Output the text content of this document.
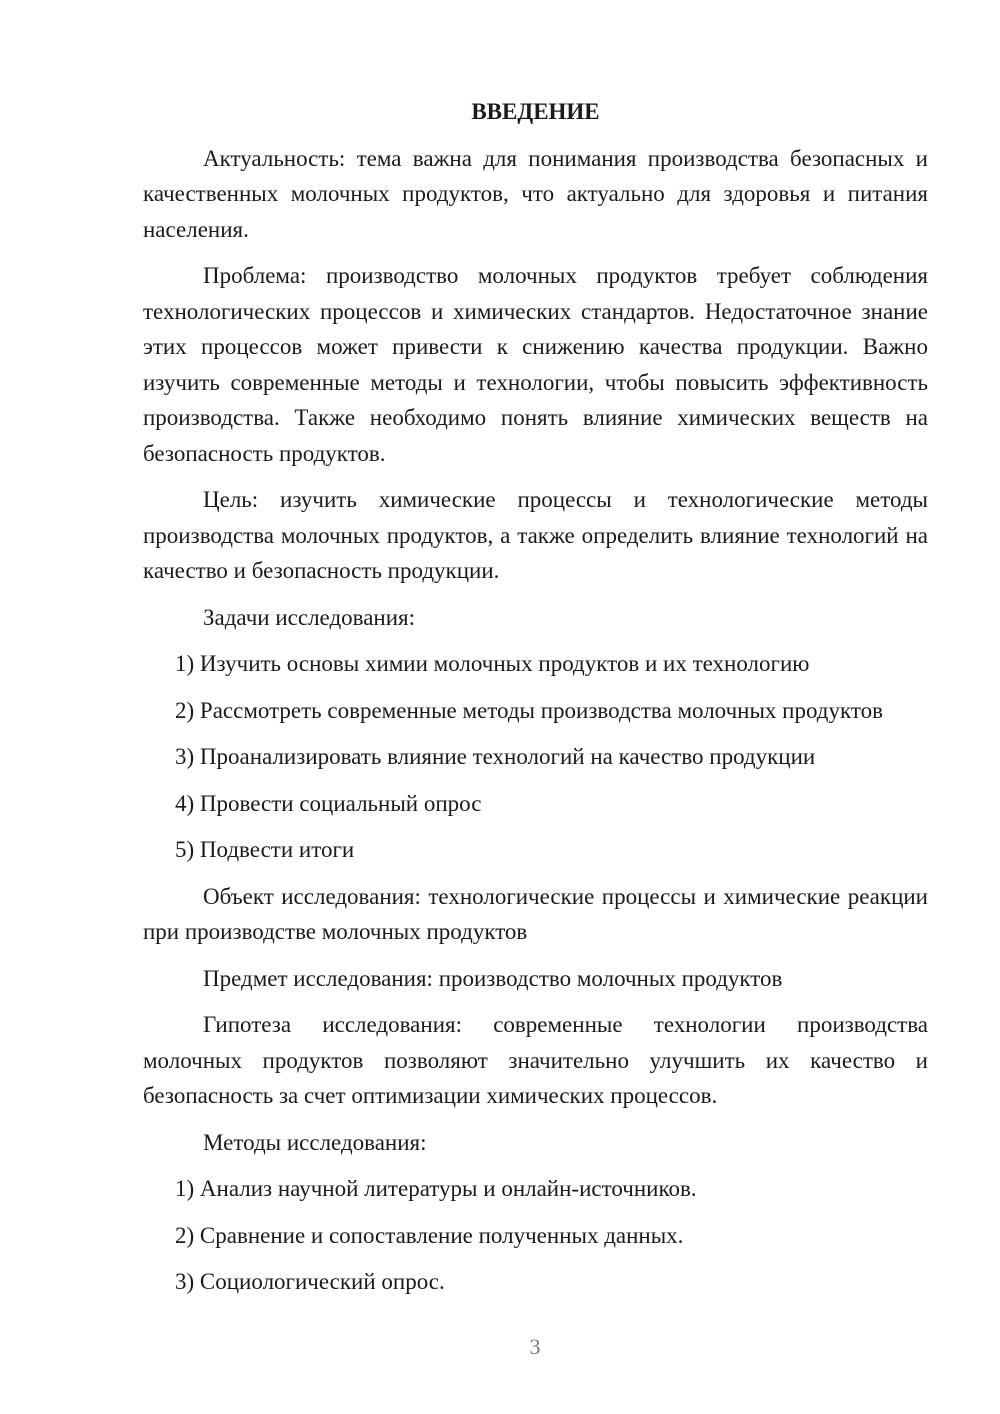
ВВЕДЕНИЕ
Актуальность: тема важна для понимания производства безопасных и качественных молочных продуктов, что актуально для здоровья и питания населения.
Проблема: производство молочных продуктов требует соблюдения технологических процессов и химических стандартов. Недостаточное знание этих процессов может привести к снижению качества продукции. Важно изучить современные методы и технологии, чтобы повысить эффективность производства. Также необходимо понять влияние химических веществ на безопасность продуктов.
Цель: изучить химические процессы и технологические методы производства молочных продуктов, а также определить влияние технологий на качество и безопасность продукции.
Задачи исследования:
1) Изучить основы химии молочных продуктов и их технологию
2) Рассмотреть современные методы производства молочных продуктов
3) Проанализировать влияние технологий на качество продукции
4) Провести социальный опрос
5) Подвести итоги
Объект исследования: технологические процессы и химические реакции при производстве молочных продуктов
Предмет исследования: производство молочных продуктов
Гипотеза исследования: современные технологии производства молочных продуктов позволяют значительно улучшить их качество и безопасность за счет оптимизации химических процессов.
Методы исследования:
1) Анализ научной литературы и онлайн-источников.
2) Сравнение и сопоставление полученных данных.
3) Социологический опрос.
3
